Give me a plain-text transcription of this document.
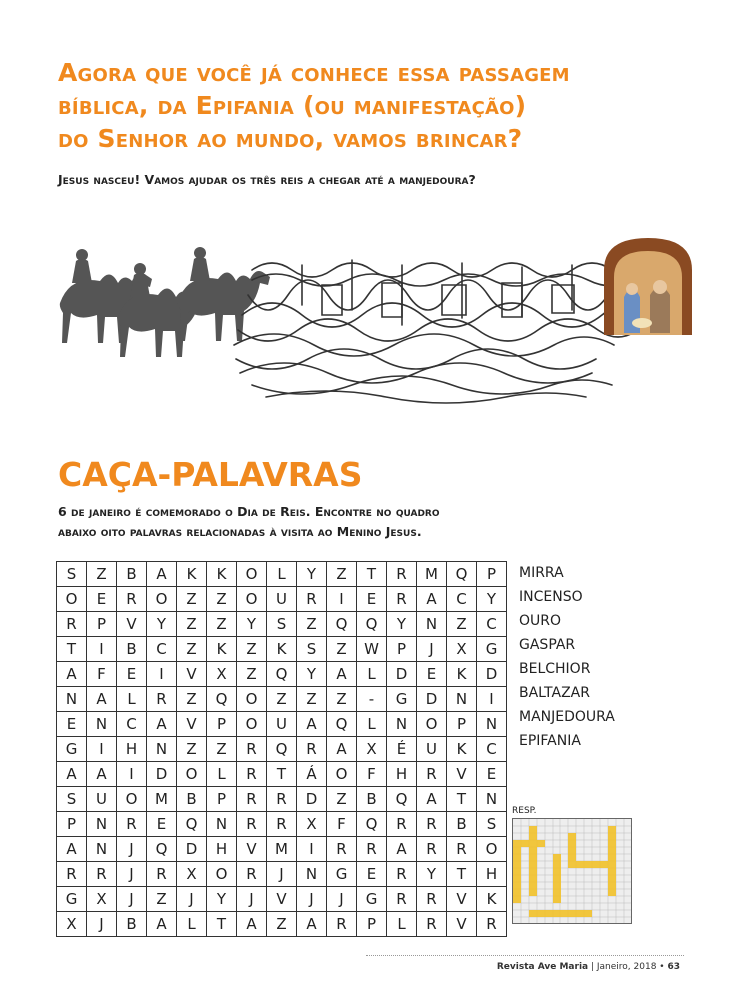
Agora que você já conhece essa passagem
bíblica, da Epifania (ou manifestação)
do Senhor ao mundo, vamos brincar?
Jesus nasceu! Vamos ajudar os três reis a chegar até a manjedoura?
CAÇA-PALAVRAS
6 de janeiro é comemorado o Dia de Reis. Encontre no quadro
abaixo oito palavras relacionadas à visita ao Menino Jesus.
S	Z	B	A	K	K	O	L	Y	Z	T	R	M	Q	P
O	E	R	O	Z	Z	O	U	R	I	E	R	A	C	Y
R	P	V	Y	Z	Z	Y	S	Z	Q	Q	Y	N	Z	C
T	I	B	C	Z	K	Z	K	S	Z	W	P	J	X	G
A	F	E	I	V	X	Z	Q	Y	A	L	D	E	K	D
N	A	L	R	Z	Q	O	Z	Z	Z	-	G	D	N	I
E	N	C	A	V	P	O	U	A	Q	L	N	O	P	N
G	I	H	N	Z	Z	R	Q	R	A	X	É	U	K	C
A	A	I	D	O	L	R	T	Á	O	F	H	R	V	E
S	U	O	M	B	P	R	R	D	Z	B	Q	A	T	N
P	N	R	E	Q	N	R	R	X	F	Q	R	R	B	S
A	N	J	Q	D	H	V	M	I	R	R	A	R	R	O
R	R	J	R	X	O	R	J	N	G	E	R	Y	T	H
G	X	J	Z	J	Y	J	V	J	J	G	R	R	V	K
X	J	B	A	L	T	A	Z	A	R	P	L	R	V	R
MIRRA
INCENSO
OURO
GASPAR
BELCHIOR
BALTAZAR
MANJEDOURA
EPIFANIA
RESP.
Revista Ave Maria | Janeiro, 2018 • 63
